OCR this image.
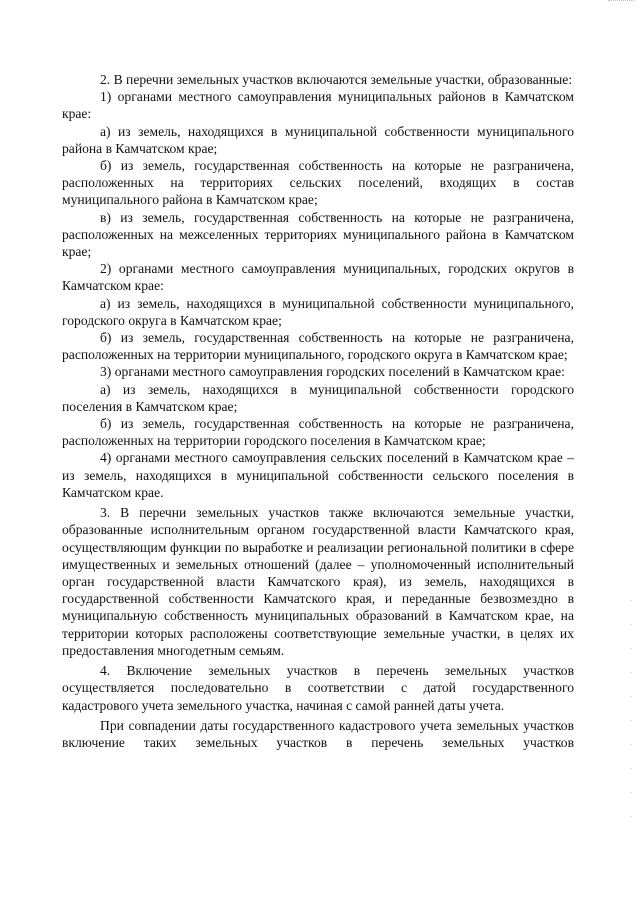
2. В перечни земельных участков включаются земельные участки, образованные:

1) органами местного самоуправления муниципальных районов в Камчатском крае:

а) из земель, находящихся в муниципальной собственности муниципального района в Камчатском крае;

б) из земель, государственная собственность на которые не разграничена, расположенных на территориях сельских поселений, входящих в состав муниципального района в Камчатском крае;

в) из земель, государственная собственность на которые не разграничена, расположенных на межселенных территориях муниципального района в Камчатском крае;

2) органами местного самоуправления муниципальных, городских округов в Камчатском крае:

а) из земель, находящихся в муниципальной собственности муниципального, городского округа в Камчатском крае;

б) из земель, государственная собственность на которые не разграничена, расположенных на территории муниципального, городского округа в Камчатском крае;

3) органами местного самоуправления городских поселений в Камчатском крае:

а) из земель, находящихся в муниципальной собственности городского поселения в Камчатском крае;

б) из земель, государственная собственность на которые не разграничена, расположенных на территории городского поселения в Камчатском крае;

4) органами местного самоуправления сельских поселений в Камчатском крае – из земель, находящихся в муниципальной собственности сельского поселения в Камчатском крае.

3. В перечни земельных участков также включаются земельные участки, образованные исполнительным органом государственной власти Камчатского края, осуществляющим функции по выработке и реализации региональной политики в сфере имущественных и земельных отношений (далее – уполномоченный исполнительный орган государственной власти Камчатского края), из земель, находящихся в государственной собственности Камчатского края, и переданные безвозмездно в муниципальную собственность муниципальных образований в Камчатском крае, на территории которых расположены соответствующие земельные участки, в целях их предоставления многодетным семьям.

4. Включение земельных участков в перечень земельных участков осуществляется последовательно в соответствии с датой государственного кадастрового учета земельного участка, начиная с самой ранней даты учета.

При совпадении даты государственного кадастрового учета земельных участков включение таких земельных участков в перечень земельных участков
